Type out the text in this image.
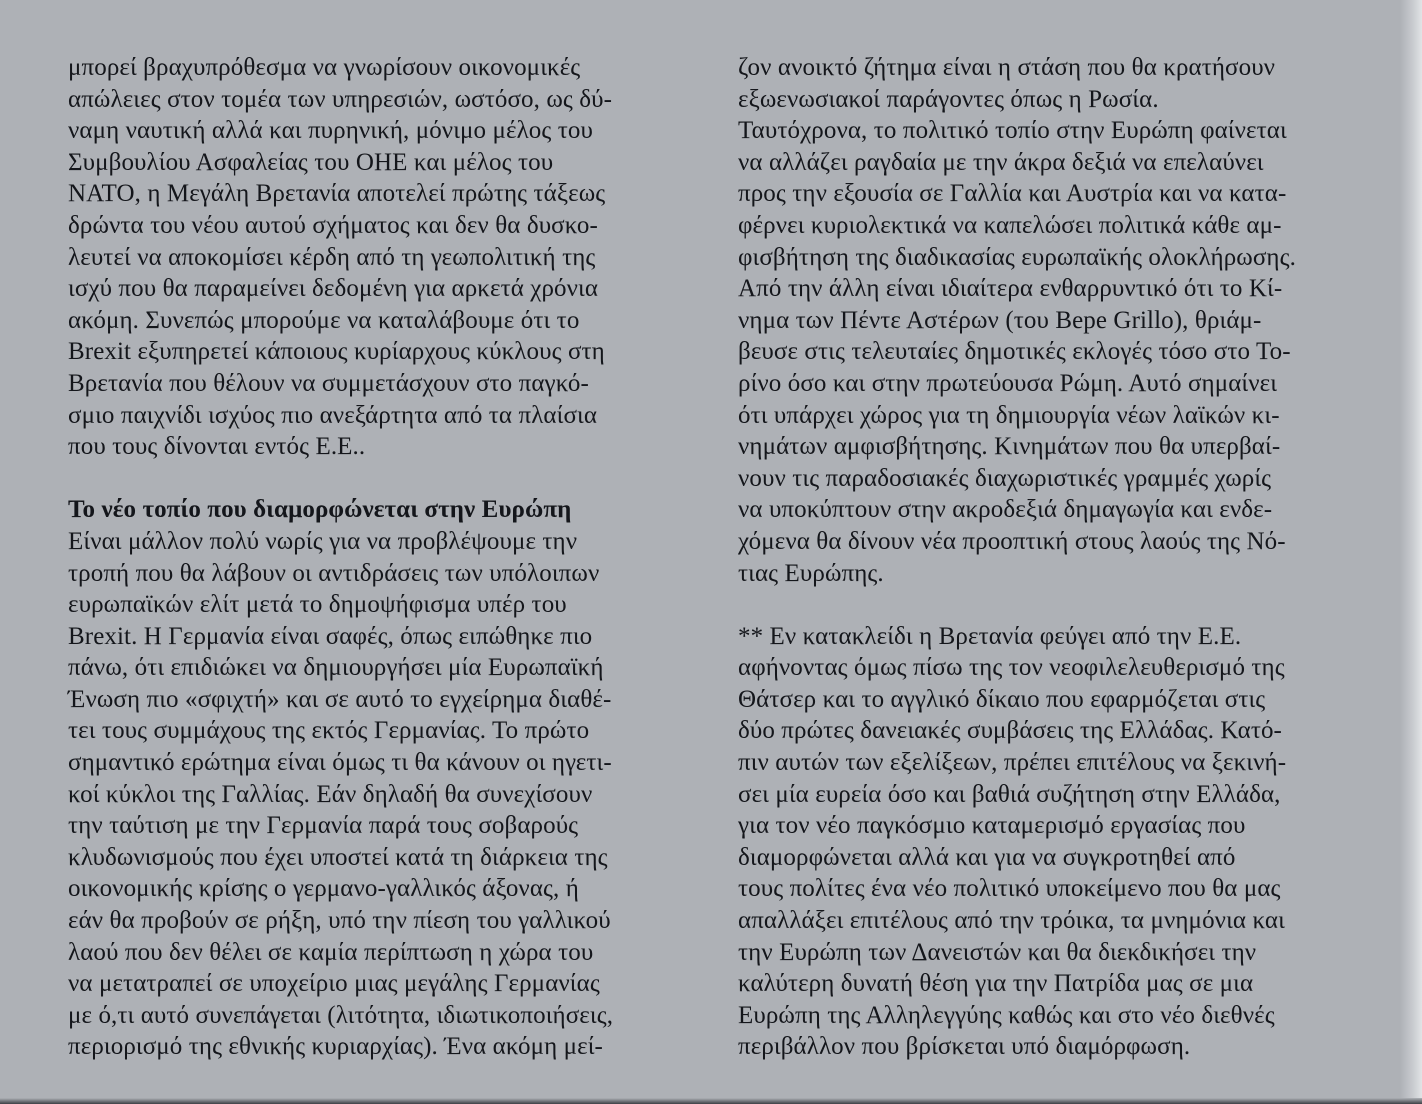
μπορεί βραχυπρόθεσμα να γνωρίσουν οικονομικές
απώλειες στον τομέα των υπηρεσιών, ωστόσο, ως δύ-
ναμη ναυτική αλλά και πυρηνική, μόνιμο μέλος του
Συμβουλίου Ασφαλείας του ΟΗΕ και μέλος του
ΝΑΤΟ, η Μεγάλη Βρετανία αποτελεί πρώτης τάξεως
δρώντα του νέου αυτού σχήματος και δεν θα δυσκο-
λευτεί να αποκομίσει κέρδη από τη γεωπολιτική της
ισχύ που θα παραμείνει δεδομένη για αρκετά χρόνια
ακόμη. Συνεπώς μπορούμε να καταλάβουμε ότι το
Brexit εξυπηρετεί κάποιους κυρίαρχους κύκλους στη
Βρετανία που θέλουν να συμμετάσχουν στο παγκό-
σμιο παιχνίδι ισχύος πιο ανεξάρτητα από τα πλαίσια
που τους δίνονται εντός Ε.Ε..
Το νέο τοπίο που διαμορφώνεται στην Ευρώπη
Είναι μάλλον πολύ νωρίς για να προβλέψουμε την
τροπή που θα λάβουν οι αντιδράσεις των υπόλοιπων
ευρωπαϊκών ελίτ μετά το δημοψήφισμα υπέρ του
Brexit. Η Γερμανία είναι σαφές, όπως ειπώθηκε πιο
πάνω, ότι επιδιώκει να δημιουργήσει μία Ευρωπαϊκή
Ένωση πιο «σφιχτή» και σε αυτό το εγχείρημα διαθέ-
τει τους συμμάχους της εκτός Γερμανίας. Το πρώτο
σημαντικό ερώτημα είναι όμως τι θα κάνουν οι ηγετι-
κοί κύκλοι της Γαλλίας. Εάν δηλαδή θα συνεχίσουν
την ταύτιση με την Γερμανία παρά τους σοβαρούς
κλυδωνισμούς που έχει υποστεί κατά τη διάρκεια της
οικονομικής κρίσης ο γερμανο-γαλλικός άξονας, ή
εάν θα προβούν σε ρήξη, υπό την πίεση του γαλλικού
λαού που δεν θέλει σε καμία περίπτωση η χώρα του
να μετατραπεί σε υποχείριο μιας μεγάλης Γερμανίας
με ό,τι αυτό συνεπάγεται (λιτότητα, ιδιωτικοποιήσεις,
περιορισμό της εθνικής κυριαρχίας). Ένα ακόμη μεί-
ζον ανοικτό ζήτημα είναι η στάση που θα κρατήσουν
εξωενωσιακοί παράγοντες όπως η Ρωσία.
Ταυτόχρονα, το πολιτικό τοπίο στην Ευρώπη φαίνεται
να αλλάζει ραγδαία με την άκρα δεξιά να επελαύνει
προς την εξουσία σε Γαλλία και Αυστρία και να κατα-
φέρνει κυριολεκτικά να καπελώσει πολιτικά κάθε αμ-
φισβήτηση της διαδικασίας ευρωπαϊκής ολοκλήρωσης.
Από την άλλη είναι ιδιαίτερα ενθαρρυντικό ότι το Κί-
νημα των Πέντε Αστέρων (του Bepe Grillo), θριάμ-
βευσε στις τελευταίες δημοτικές εκλογές τόσο στο Το-
ρίνο όσο και στην πρωτεύουσα Ρώμη. Αυτό σημαίνει
ότι υπάρχει χώρος για τη δημιουργία νέων λαϊκών κι-
νημάτων αμφισβήτησης. Κινημάτων που θα υπερβαί-
νουν τις παραδοσιακές διαχωριστικές γραμμές χωρίς
να υποκύπτουν στην ακροδεξιά δημαγωγία και ενδε-
χόμενα θα δίνουν νέα προοπτική στους λαούς της Νό-
τιας Ευρώπης.
** Εν κατακλείδι η Βρετανία φεύγει από την Ε.Ε.
αφήνοντας όμως πίσω της τον νεοφιλελευθερισμό της
Θάτσερ και το αγγλικό δίκαιο που εφαρμόζεται στις
δύο πρώτες δανειακές συμβάσεις της Ελλάδας. Κατό-
πιν αυτών των εξελίξεων, πρέπει επιτέλους να ξεκινή-
σει μία ευρεία όσο και βαθιά συζήτηση στην Ελλάδα,
για τον νέο παγκόσμιο καταμερισμό εργασίας που
διαμορφώνεται αλλά και για να συγκροτηθεί από
τους πολίτες ένα νέο πολιτικό υποκείμενο που θα μας
απαλλάξει επιτέλους από την τρόικα, τα μνημόνια και
την Ευρώπη των Δανειστών και θα διεκδικήσει την
καλύτερη δυνατή θέση για την Πατρίδα μας σε μια
Ευρώπη της Αλληλεγγύης καθώς και στο νέο διεθνές
περιβάλλον που βρίσκεται υπό διαμόρφωση.
